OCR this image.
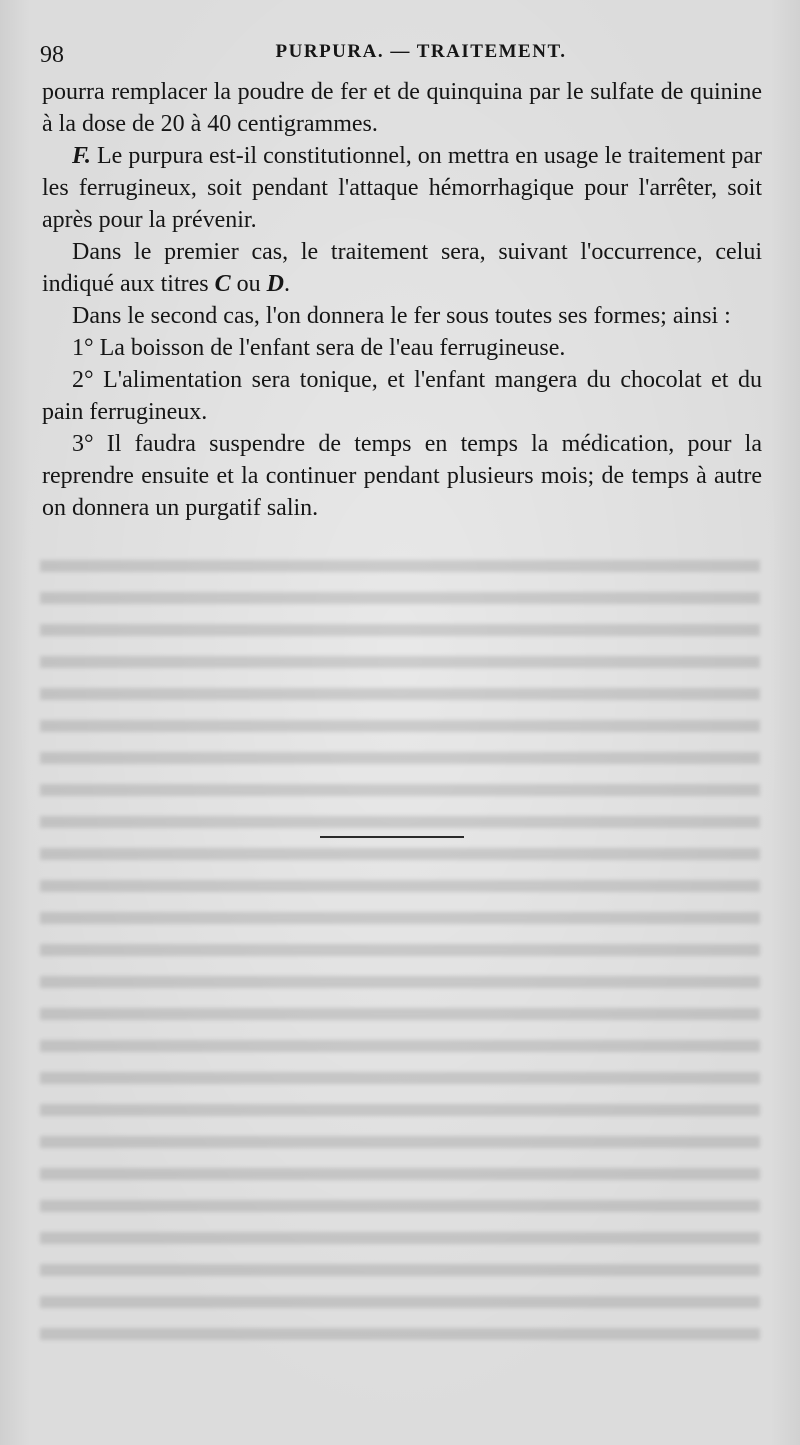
98	PURPURA. — TRAITEMENT.

pourra remplacer la poudre de fer et de quinquina par le sulfate de quinine à la dose de 20 à 40 centigrammes.

F. Le purpura est-il constitutionnel, on mettra en usage le traitement par les ferrugineux, soit pendant l'attaque hémorrhagique pour l'arrêter, soit après pour la prévenir.

Dans le premier cas, le traitement sera, suivant l'occurrence, celui indiqué aux titres C ou D.

Dans le second cas, l'on donnera le fer sous toutes ses formes; ainsi :

1° La boisson de l'enfant sera de l'eau ferrugineuse.

2° L'alimentation sera tonique, et l'enfant mangera du chocolat et du pain ferrugineux.

3° Il faudra suspendre de temps en temps la médication, pour la reprendre ensuite et la continuer pendant plusieurs mois; de temps à autre on donnera un purgatif salin.
